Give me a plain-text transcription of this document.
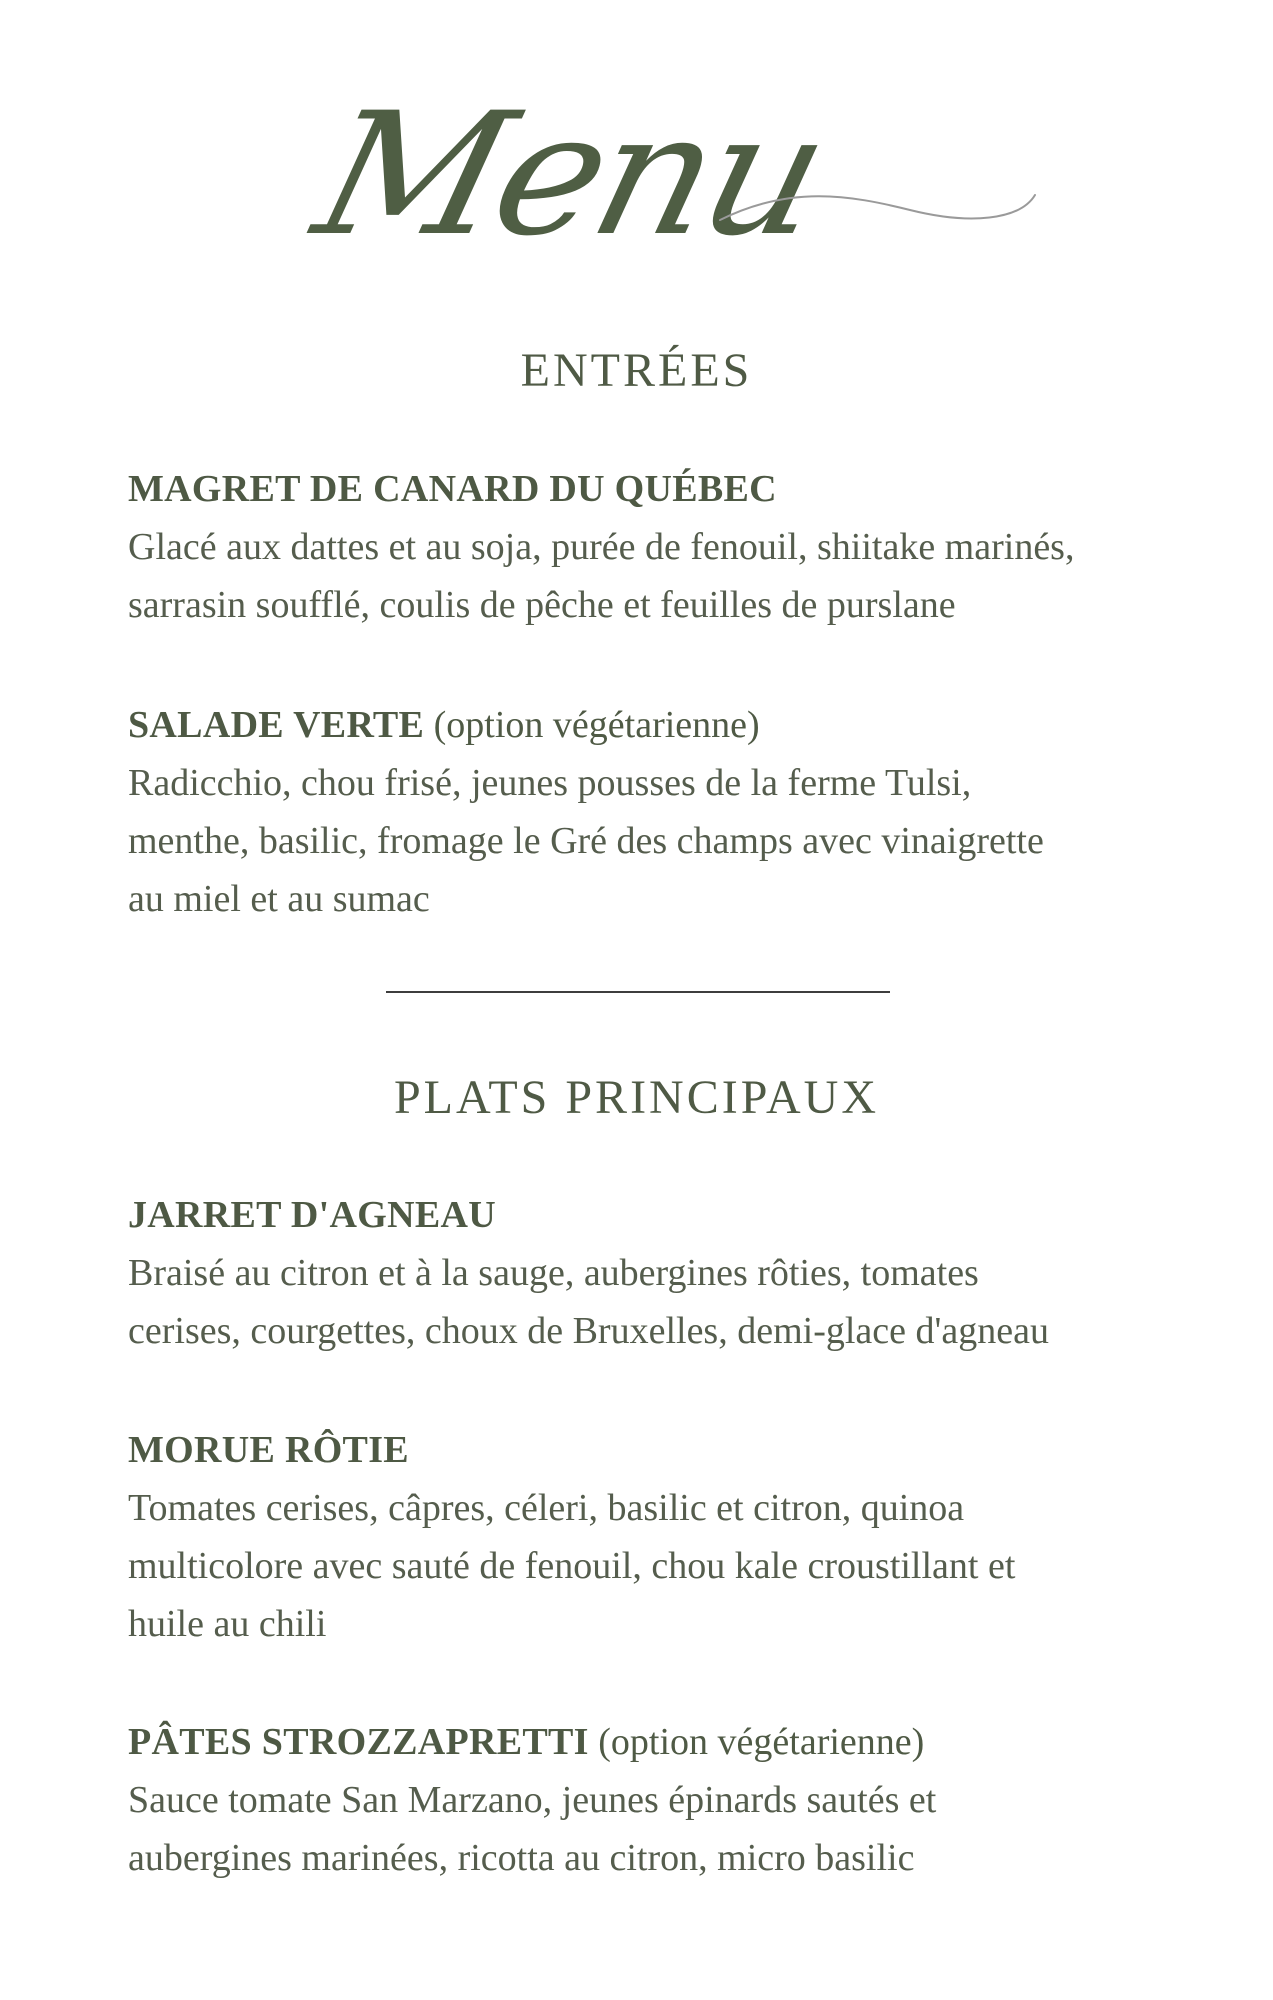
Menu
ENTRÉES

MAGRET DE CANARD DU QUÉBEC

Glacé aux dattes et au soja, purée de fenouil, shiitake marinés,

sarrasin soufflé, coulis de pêche et feuilles de purslane

SALADE VERTE (option végétarienne)

Radicchio, chou frisé, jeunes pousses de la ferme Tulsi,

menthe, basilic, fromage le Gré des champs avec vinaigrette

au miel et au sumac

PLATS PRINCIPAUX

JARRET D'AGNEAU

Braisé au citron et à la sauge, aubergines rôties, tomates

cerises, courgettes, choux de Bruxelles, demi-glace d'agneau

MORUE RÔTIE

Tomates cerises, câpres, céleri, basilic et citron, quinoa

multicolore avec sauté de fenouil, chou kale croustillant et

huile au chili

PÂTES STROZZAPRETTI (option végétarienne)

Sauce tomate San Marzano, jeunes épinards sautés et

aubergines marinées, ricotta au citron, micro basilic
